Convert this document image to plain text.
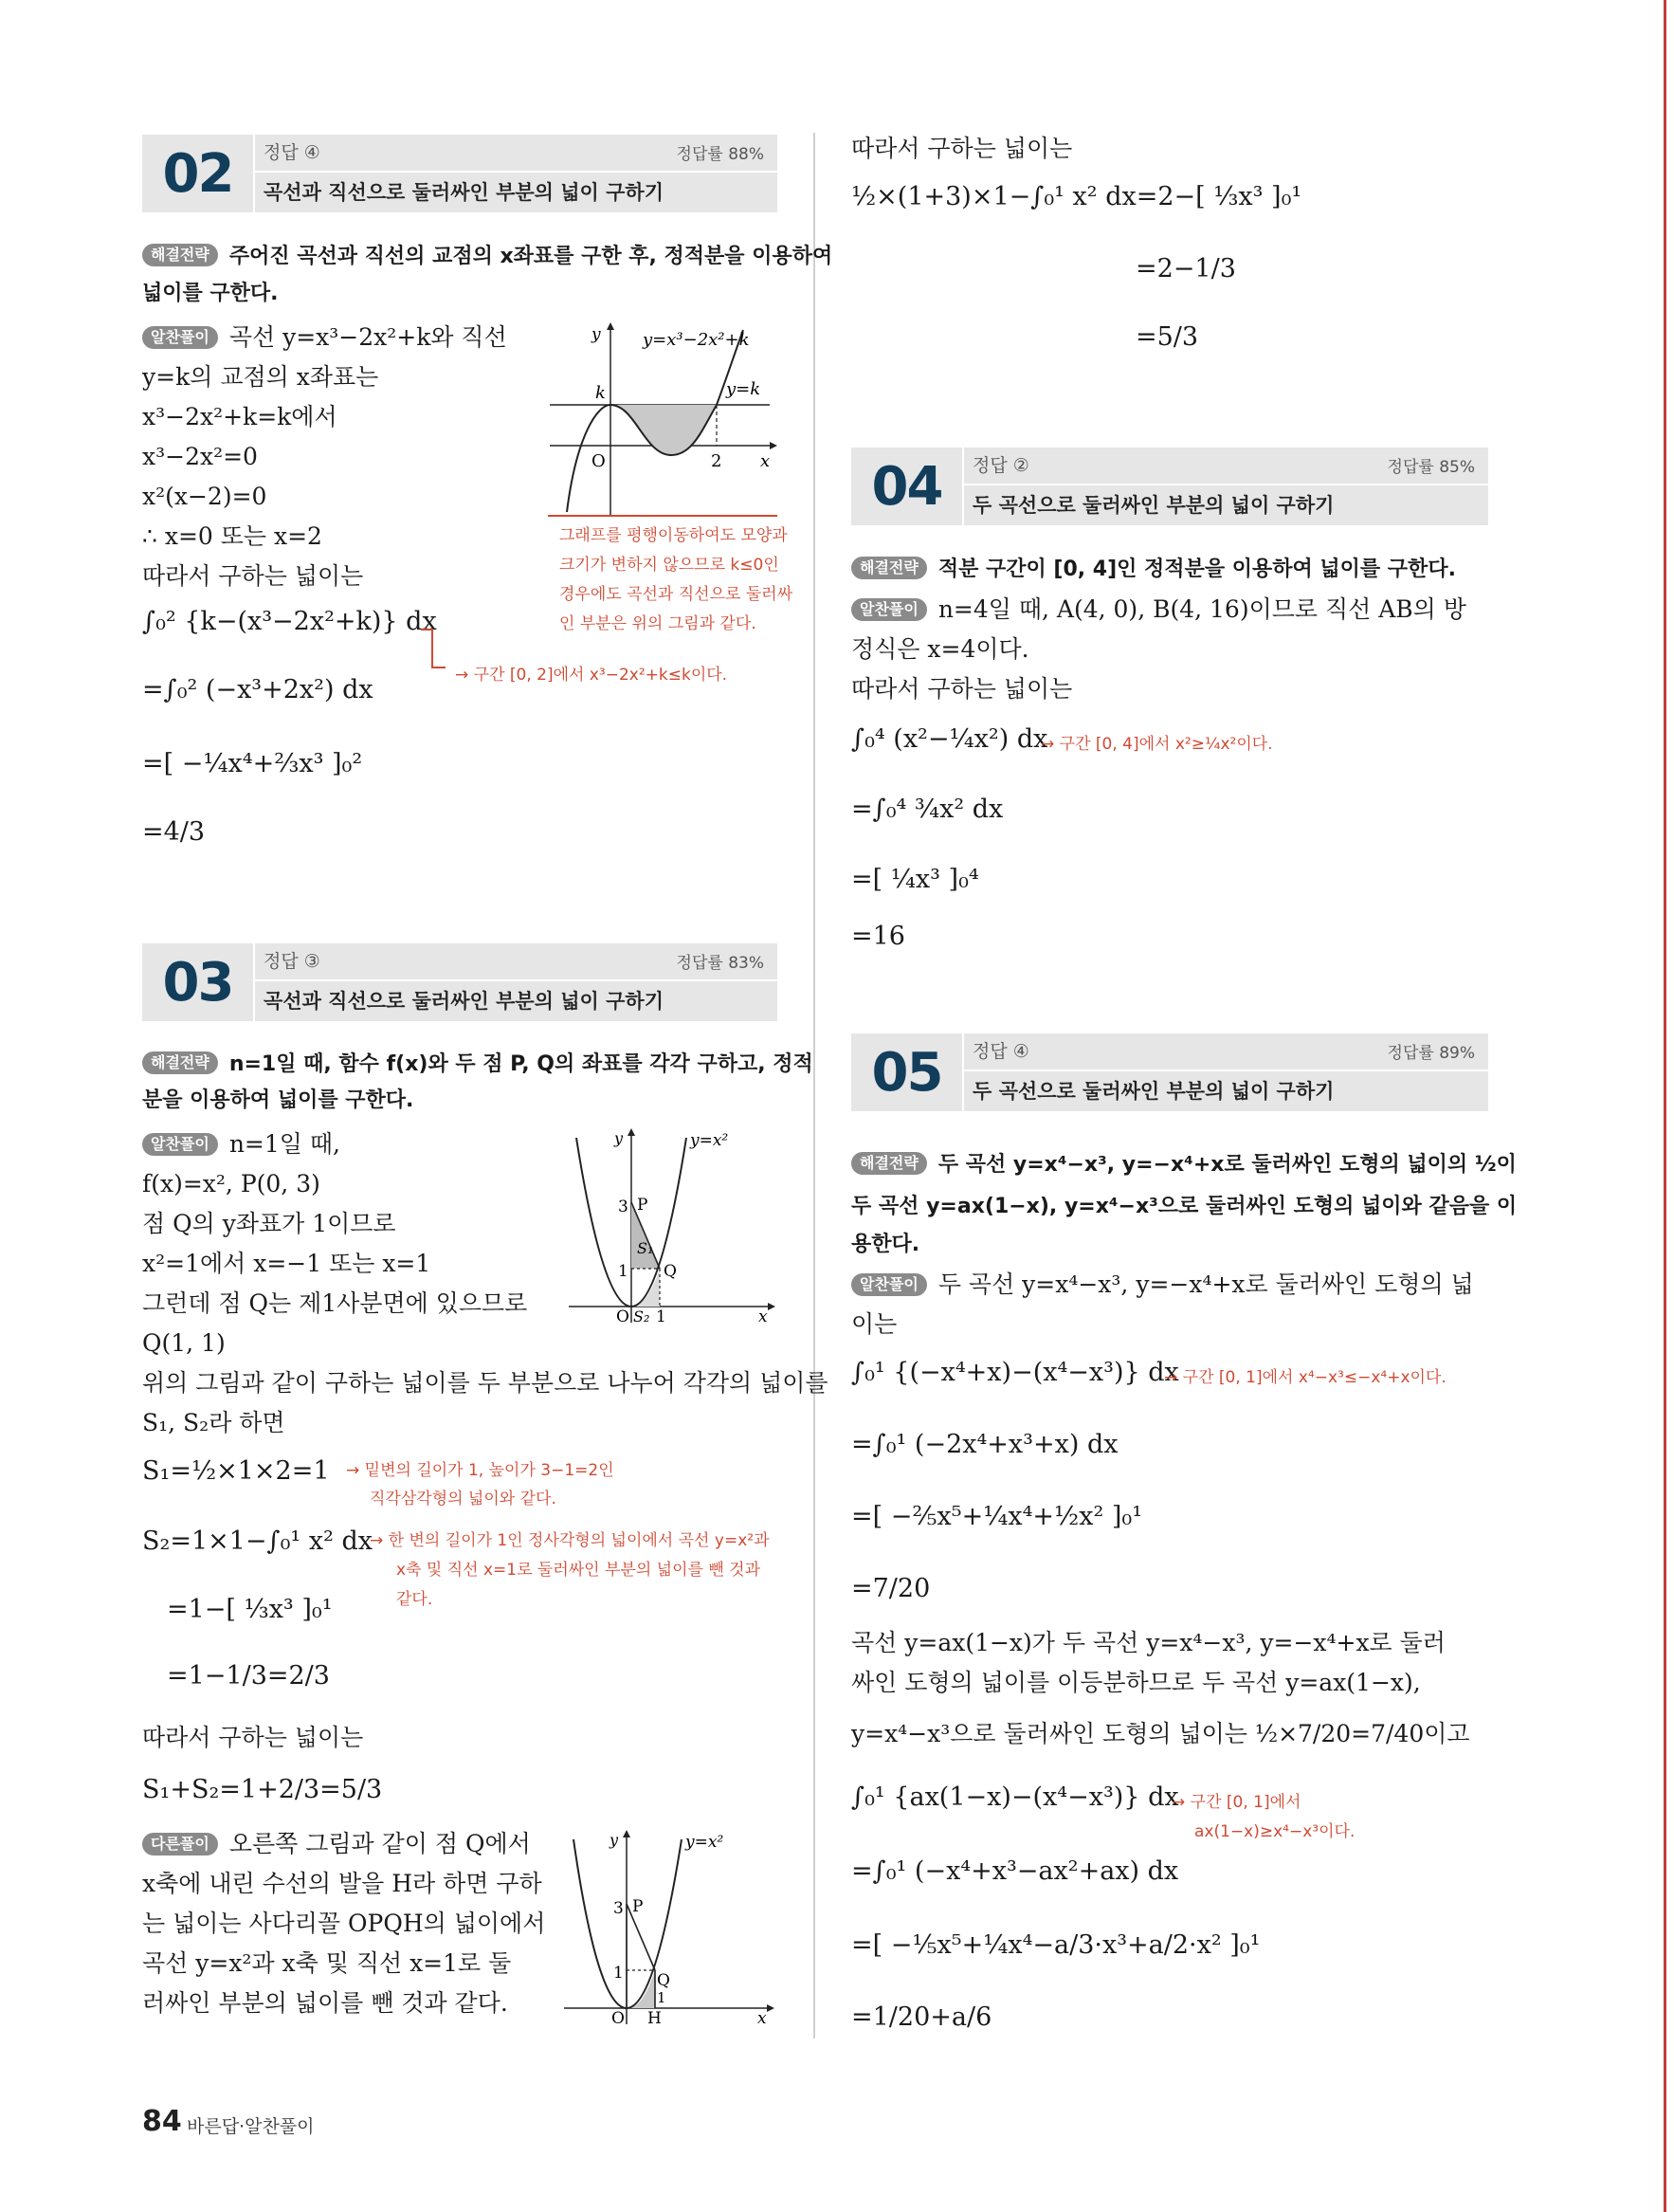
02	정답 ④	정답률 88%
곡선과 직선으로 둘러싸인 부분의 넓이 구하기
해결전략 주어진 곡선과 직선의 교점의 x좌표를 구한 후, 정적분을 이용하여
넓이를 구한다.
알찬풀이 곡선 y=x³−2x²+k와 직선
y=k의 교점의 x좌표는
x³−2x²+k=k에서
x³−2x²=0
x²(x−2)=0
∴ x=0 또는 x=2
따라서 구하는 넓이는
∫₀² {k−(x³−2x²+k)} dx
→ 구간 [0, 2]에서 x³−2x²+k≤k이다.
=∫₀² (−x³+2x²) dx
=[ −¼x⁴+⅔x³ ]₀²
=4/3
k
O	2 x
y y=x³−2x²+k
y=k
그래프를 평행이동하여도 모양과
크기가 변하지 않으므로 k≤0인
경우에도 곡선과 직선으로 둘러싸
인 부분은 위의 그림과 같다.
03	정답 ③	정답률 83%
곡선과 직선으로 둘러싸인 부분의 넓이 구하기
해결전략 n=1일 때, 함수 f(x)와 두 점 P, Q의 좌표를 각각 구하고, 정적
분을 이용하여 넓이를 구한다.
알찬풀이 n=1일 때,
f(x)=x², P(0, 3)
점 Q의 y좌표가 1이므로
x²=1에서 x=−1 또는 x=1
그런데 점 Q는 제1사분면에 있으므로
Q(1, 1)
위의 그림과 같이 구하는 넓이를 두 부분으로 나누어 각각의 넓이를
S₁, S₂라 하면
3 P
1 Q
S₁
S₂
O 1	x
y	y=x²
S₁=½×1×2=1 → 밑변의 길이가 1, 높이가 3−1=2인
직각삼각형의 넓이와 같다.
S₂=1×1−∫₀¹ x² dx
→ 한 변의 길이가 1인 정사각형의 넓이에서 곡선 y=x²과
x축 및 직선 x=1로 둘러싸인 부분의 넓이를 뺀 것과
같다.
=1−[ ⅓x³ ]₀¹
=1−1/3=2/3
따라서 구하는 넓이는
S₁+S₂=1+2/3=5/3
다른풀이 오른쪽 그림과 같이 점 Q에서
x축에 내린 수선의 발을 H라 하면 구하
는 넓이는 사다리꼴 OPQH의 넓이에서
곡선 y=x²과 x축 및 직선 x=1로 둘
러싸인 부분의 넓이를 뺀 것과 같다.
3 P
1 Q
1
O H	x
y	y=x²
따라서 구하는 넓이는
½×(1+3)×1−∫₀¹ x² dx=2−[ ⅓x³ ]₀¹
=2−1/3
=5/3
04	정답 ②	정답률 85%
두 곡선으로 둘러싸인 부분의 넓이 구하기
해결전략 적분 구간이 [0, 4]인 정적분을 이용하여 넓이를 구한다.
알찬풀이 n=4일 때, A(4, 0), B(4, 16)이므로 직선 AB의 방
정식은 x=4이다.
따라서 구하는 넓이는
∫₀⁴ (x²−¼x²) dx
→ 구간 [0, 4]에서 x²≥¼x²이다.
=∫₀⁴ ¾x² dx
=[ ¼x³ ]₀⁴
=16
05	정답 ④	정답률 89%
두 곡선으로 둘러싸인 부분의 넓이 구하기
해결전략 두 곡선 y=x⁴−x³, y=−x⁴+x로 둘러싸인 도형의 넓이의 ½이
두 곡선 y=ax(1−x), y=x⁴−x³으로 둘러싸인 도형의 넓이와 같음을 이
용한다.
알찬풀이 두 곡선 y=x⁴−x³, y=−x⁴+x로 둘러싸인 도형의 넓
이는
∫₀¹ {(−x⁴+x)−(x⁴−x³)} dx
→ 구간 [0, 1]에서 x⁴−x³≤−x⁴+x이다.
=∫₀¹ (−2x⁴+x³+x) dx
=[ −⅖x⁵+¼x⁴+½x² ]₀¹
=7/20
곡선 y=ax(1−x)가 두 곡선 y=x⁴−x³, y=−x⁴+x로 둘러
싸인 도형의 넓이를 이등분하므로 두 곡선 y=ax(1−x),
y=x⁴−x³으로 둘러싸인 도형의 넓이는 ½×7/20=7/40이고
∫₀¹ {ax(1−x)−(x⁴−x³)} dx
→ 구간 [0, 1]에서
ax(1−x)≥x⁴−x³이다.
=∫₀¹ (−x⁴+x³−ax²+ax) dx
=[ −⅕x⁵+¼x⁴−a/3·x³+a/2·x² ]₀¹
=1/20+a/6
84 바른답·알찬풀이
